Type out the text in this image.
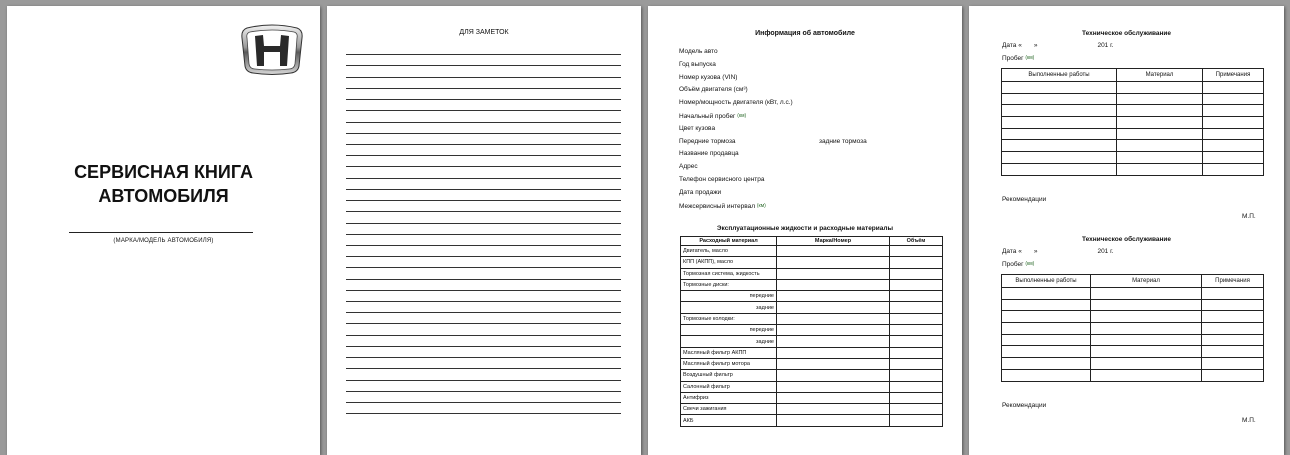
СЕРВИСНАЯ КНИГА
АВТОМОБИЛЯ
(МАРКА/МОДЕЛЬ АВТОМОБИЛЯ)
ДЛЯ ЗАМЕТОК	Информация об автомобиле
Модель авто
Год выпуска
Номер кузова (VIN)
Объём двигателя (см³)
Номер/мощность двигателя (кВт, л.с.)
Начальный пробег (км)
Цвет кузова
Передние тормоза	задние тормоза
Название продавца
Адрес
Телефон сервисного центра
Дата продажи
Межсервисный интервал (км)
Эксплуатационные жидкости и расходные материалы
Расходный материал	Марка/Номер	Объём
Двигатель, масло		
КПП (АКПП), масло		
Тормозная система, жидкость		
Тормозные диски:		
передние		
задние		
Тормозные колодки:		
передние		
задние		
Масляный фильтр АКПП		
Масляный фильтр мотора		
Воздушный фильтр		
Салонный фильтр		
Антифриз		
Свечи зажигания		
АКБ		
Техническое обслуживание
Дата « »	201 г.
Пробег (км)
Выполненные работы	Материал	Примечания

Рекомендации
М.П.
Техническое обслуживание
Дата « »	201 г.
Пробег (км)
Выполненные работы	Материал	Примечания

Рекомендации
М.П.
